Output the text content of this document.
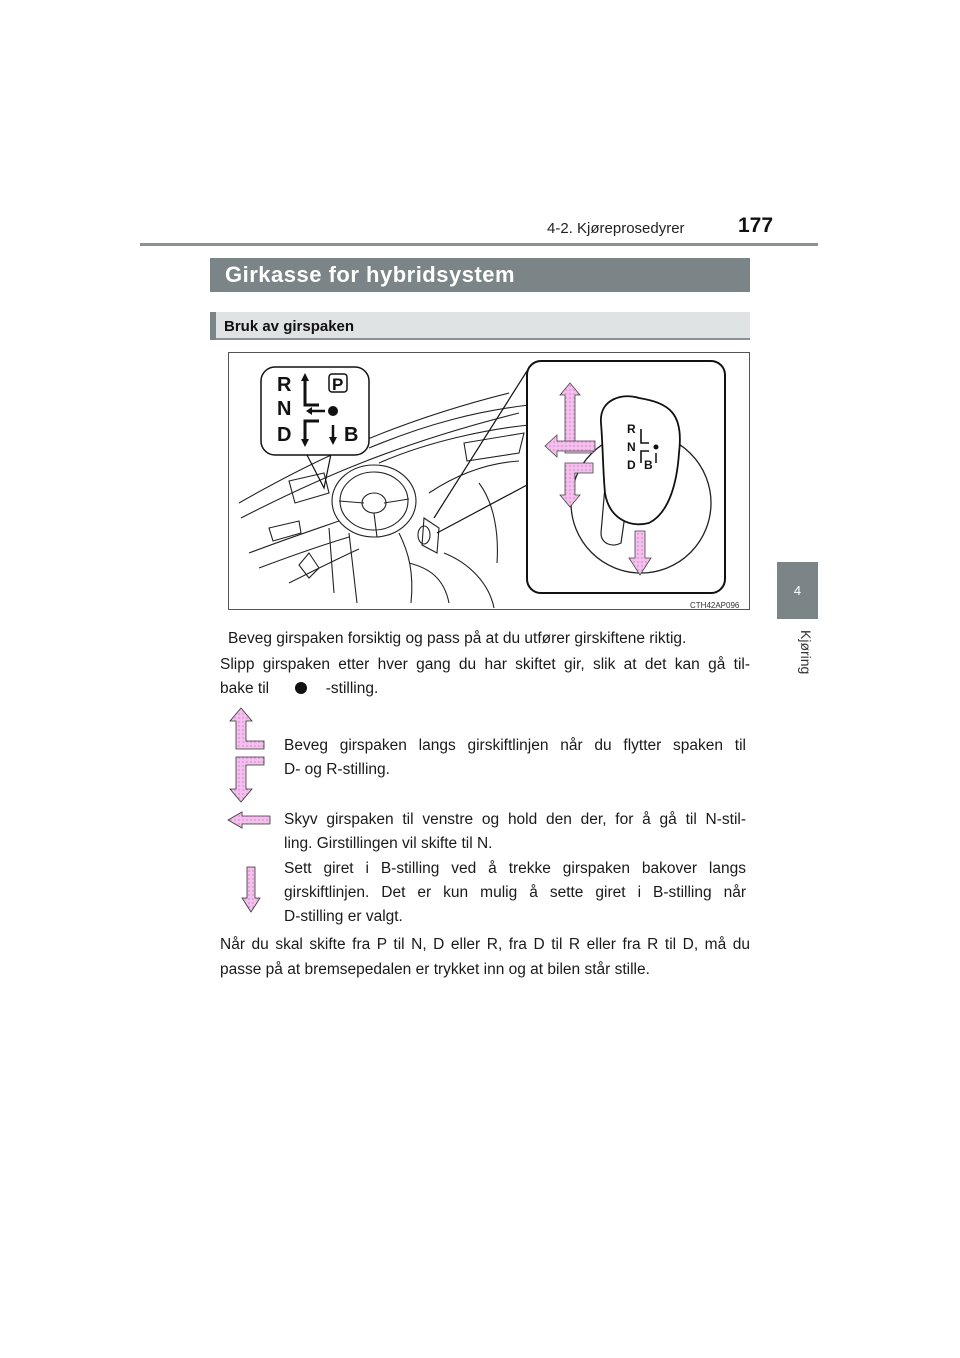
4-2. Kjøreprosedyrer	177
4
Kjøring
Girkasse for hybridsystem
Bruk av girspaken
R P
N
D	B	R
N
D B
CTH42AP096
Beveg girspaken forsiktig og pass på at du utfører girskiftene riktig.
Slipp girspaken etter hver gang du har skiftet gir, slik at det kan gå til-
bake til	-stilling.
Beveg girspaken langs girskiftlinjen når du flytter spaken til
D- og R-stilling.
Skyv girspaken til venstre og hold den der, for å gå til N-stil-
ling. Girstillingen vil skifte til N.
Sett giret i B-stilling ved å trekke girspaken bakover langs
girskiftlinjen. Det er kun mulig å sette giret i B-stilling når
D-stilling er valgt.
Når du skal skifte fra P til N, D eller R, fra D til R eller fra R til D, må du
passe på at bremsepedalen er trykket inn og at bilen står stille.
